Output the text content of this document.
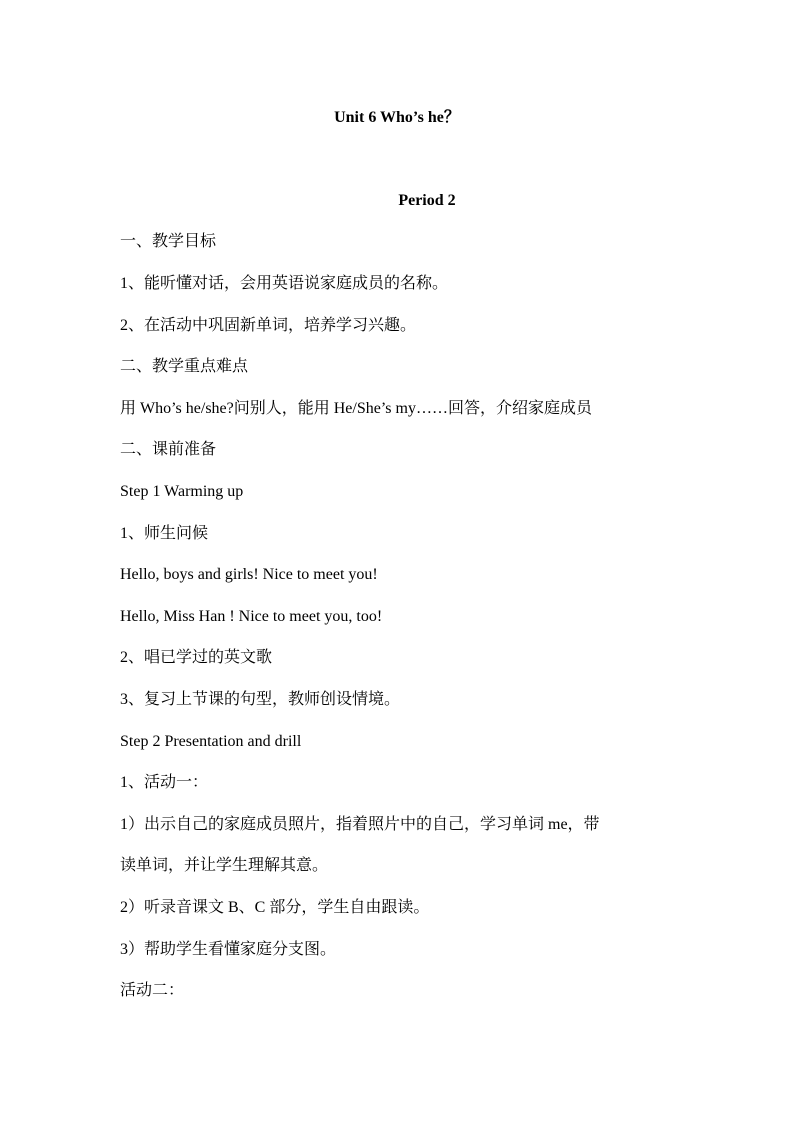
Unit 6 Who’s he？
Period 2
一、教学目标
1、能听懂对话，会用英语说家庭成员的名称。
2、在活动中巩固新单词，培养学习兴趣。
二、教学重点难点
用 Who’s he/she?问别人，能用 He/She’s my……回答，介绍家庭成员
二、课前准备
Step 1 Warming up
1、师生问候
Hello, boys and girls! Nice to meet you!
Hello, Miss Han ! Nice to meet you, too!
2、唱已学过的英文歌
3、复习上节课的句型，教师创设情境。
Step 2 Presentation and drill
1、活动一：
1）出示自己的家庭成员照片，指着照片中的自己，学习单词 me，带
读单词，并让学生理解其意。
2）听录音课文 B、C 部分，学生自由跟读。
3）帮助学生看懂家庭分支图。
活动二：
